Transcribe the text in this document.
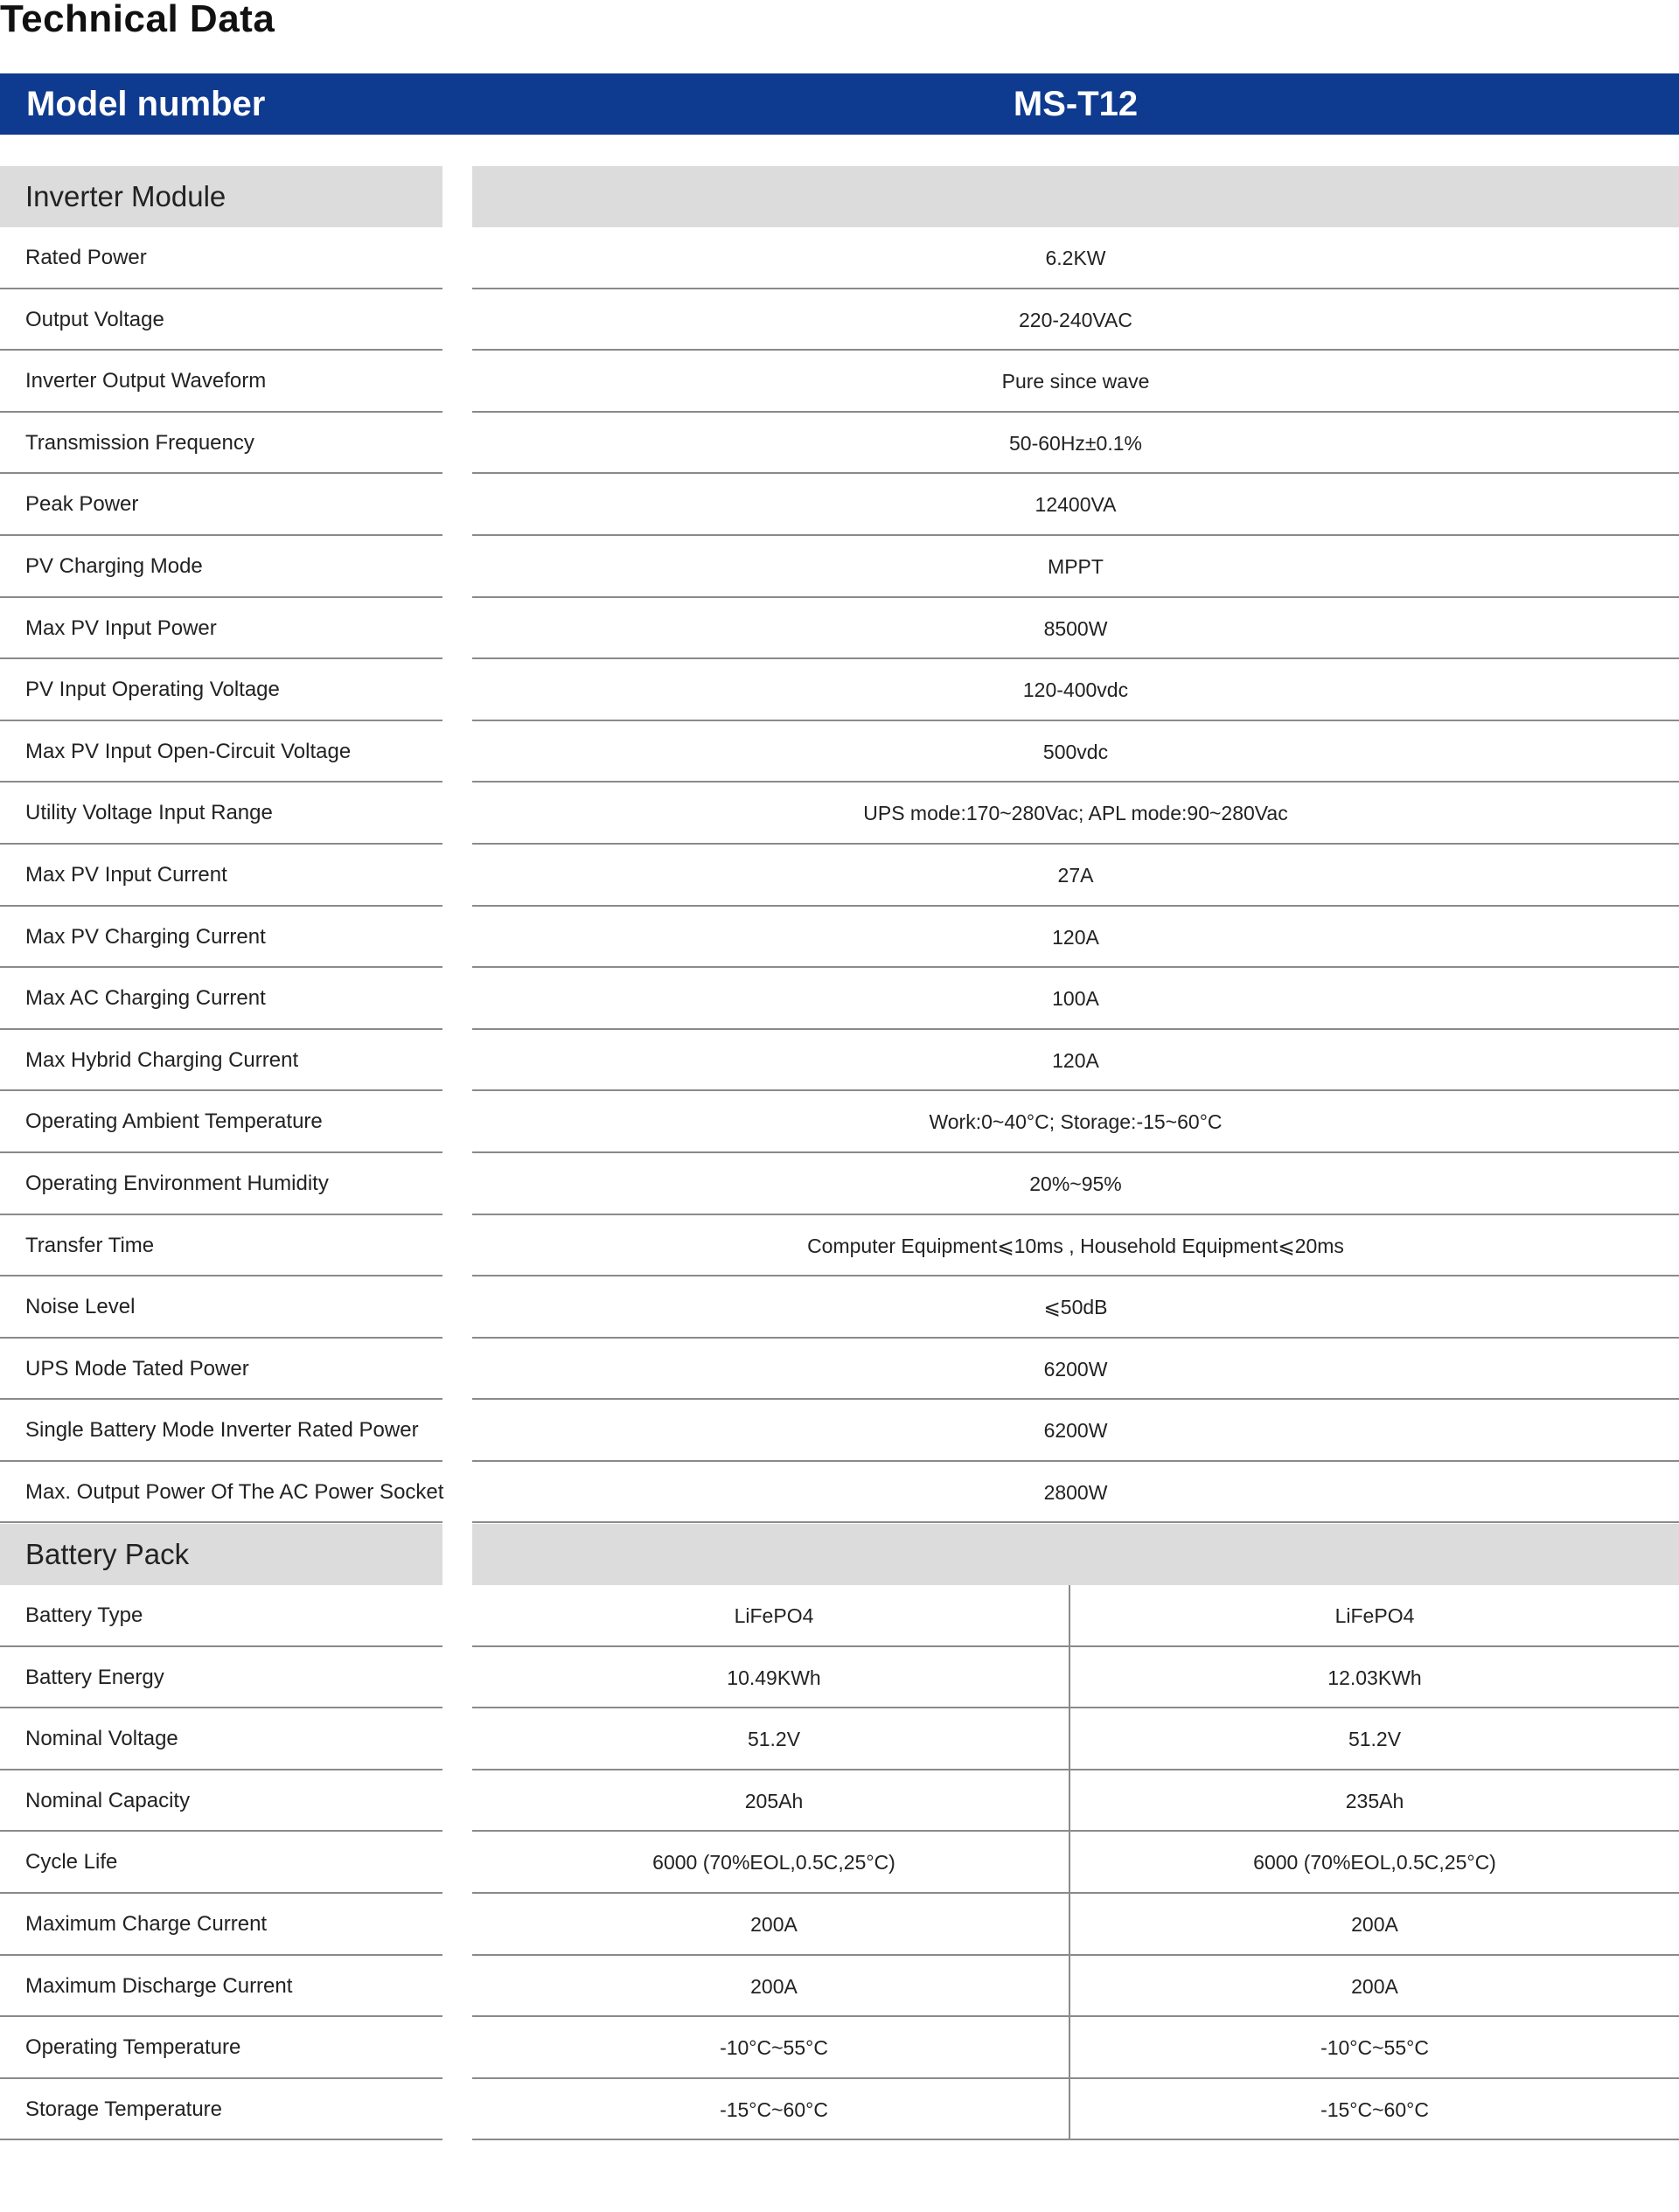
Technical Data
Model number	MS-T12
Inverter Module
Rated Power	6.2KW
Output Voltage	220-240VAC
Inverter Output Waveform	Pure since wave
Transmission Frequency	50-60Hz±0.1%
Peak Power	12400VA
PV Charging Mode	MPPT
Max PV Input Power	8500W
PV Input Operating Voltage	120-400vdc
Max PV Input Open-Circuit Voltage	500vdc
Utility Voltage Input Range	UPS mode:170~280Vac; APL mode:90~280Vac
Max PV Input Current	27A
Max PV Charging Current	120A
Max AC Charging Current	100A
Max Hybrid Charging Current	120A
Operating Ambient Temperature	Work:0~40°C; Storage:-15~60°C
Operating Environment Humidity	20%~95%
Transfer Time	Computer Equipment⩽10ms , Household Equipment⩽20ms
Noise Level	⩽50dB
UPS Mode Tated Power	6200W
Single Battery Mode Inverter Rated Power	6200W
Max. Output Power Of The AC Power Socket	2800W
Battery Pack
Battery Type	LiFePO4	LiFePO4
Battery Energy	10.49KWh	12.03KWh
Nominal Voltage	51.2V	51.2V
Nominal Capacity	205Ah	235Ah
Cycle Life	6000 (70%EOL,0.5C,25°C)	6000 (70%EOL,0.5C,25°C)
Maximum Charge Current	200A	200A
Maximum Discharge Current	200A	200A
Operating Temperature	-10°C~55°C	-10°C~55°C
Storage Temperature	-15°C~60°C	-15°C~60°C
